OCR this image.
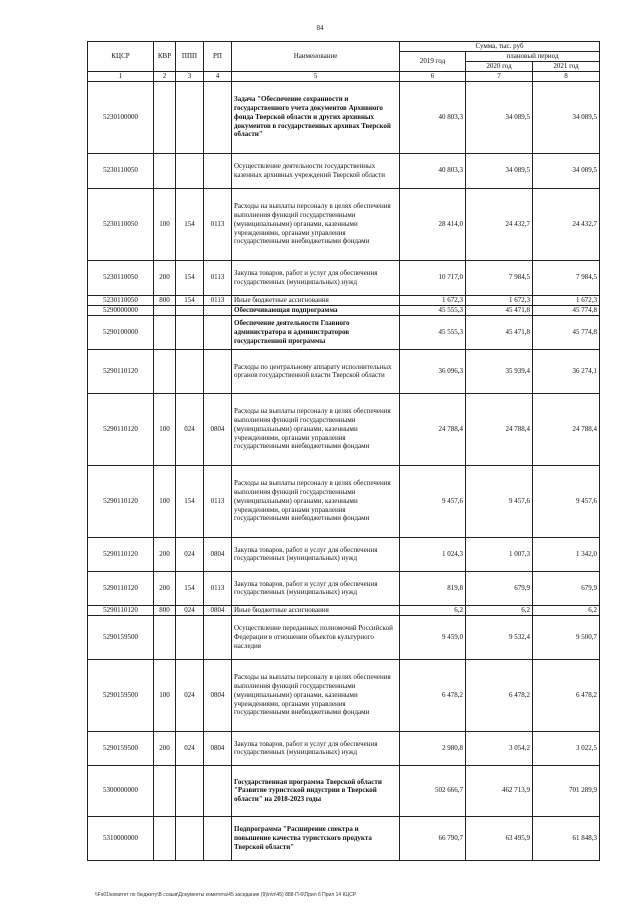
84
КЦСР	КВР	ППП	РП	Наименование	Сумма, тыс. руб		
					2019 год	плановый период	
						2020 год	2021 год
1	2	3	4	5	6	7	8
5230100000				Задача "Обеспечение сохранности и государственного учета документов Архивного фонда Тверской области и других архивных документов в государственных архивах Тверской области"	40 803,3	34 089,5	34 089,5
5230110050				Осуществление деятельности государственных казенных архивных учреждений Тверской области	40 803,3	34 089,5	34 089,5
5230110050	100	154	0113	Расходы на выплаты персоналу в целях обеспечения выполнения функций государственными (муниципальными) органами, казенными учреждениями, органами управления государственными внебюджетными фондами	28 414,0	24 432,7	24 432,7
5230110050	200	154	0113	Закупка товаров, работ и услуг для обеспечения государственных (муниципальных) нужд	10 717,0	7 984,5	7 984,5
5230110050	800	154	0113	Иные бюджетные ассигнования	1 672,3	1 672,3	1 672,3
5290000000				Обеспечивающая подпрограмма	45 555,3	45 471,8	45 774,8
5290100000				Обеспечение деятельности Главного администратора и администраторов государственной программы	45 555,3	45 471,8	45 774,8
5290110120				Расходы по центральному аппарату исполнительных органов государственной власти Тверской области	36 096,3	35 939,4	36 274,1
5290110120	100	024	0804	Расходы на выплаты персоналу в целях обеспечения выполнения функций государственными (муниципальными) органами, казенными учреждениями, органами управления государственными внебюджетными фондами	24 788,4	24 788,4	24 788,4
5290110120	100	154	0113	Расходы на выплаты персоналу в целях обеспечения выполнения функций государственными (муниципальными) органами, казенными учреждениями, органами управления государственными внебюджетными фондами	9 457,6	9 457,6	9 457,6
5290110120	200	024	0804	Закупка товаров, работ и услуг для обеспечения государственных (муниципальных) нужд	1 024,3	1 007,3	1 342,0
5290110120	200	154	0113	Закупка товаров, работ и услуг для обеспечения государственных (муниципальных) нужд	819,8	679,9	679,9
5290110120	800	024	0804	Иные бюджетные ассигнования	6,2	6,2	6,2
5290159500				Осуществление переданных полномочий Российской Федерации в отношении объектов культурного наследия	9 459,0	9 532,4	9 500,7
5290159500	100	024	0804	Расходы на выплаты персоналу в целях обеспечения выполнения функций государственными (муниципальными) органами, казенными учреждениями, органами управления государственными внебюджетными фондами	6 478,2	6 478,2	6 478,2
5290159500	200	024	0804	Закупка товаров, работ и услуг для обеспечения государственных (муниципальных) нужд	2 980,8	3 054,2	3 022,5
5300000000				Государственная программа Тверской области "Развитие туристской индустрии в Тверской области" на 2018-2023 годы	502 666,7	462 713,9	701 289,9
5310000000				Подпрограмма "Расширение спектра и повышение качества туристского продукта Тверской области"	66 790,7	63 495,9	61 848,3
\\Fs01\комитет по бюджету\В созыв\Документы комитета\45 заседание (9)\п\п\45) 888-П-6\Прил 6 Прил 14 КЦСР
